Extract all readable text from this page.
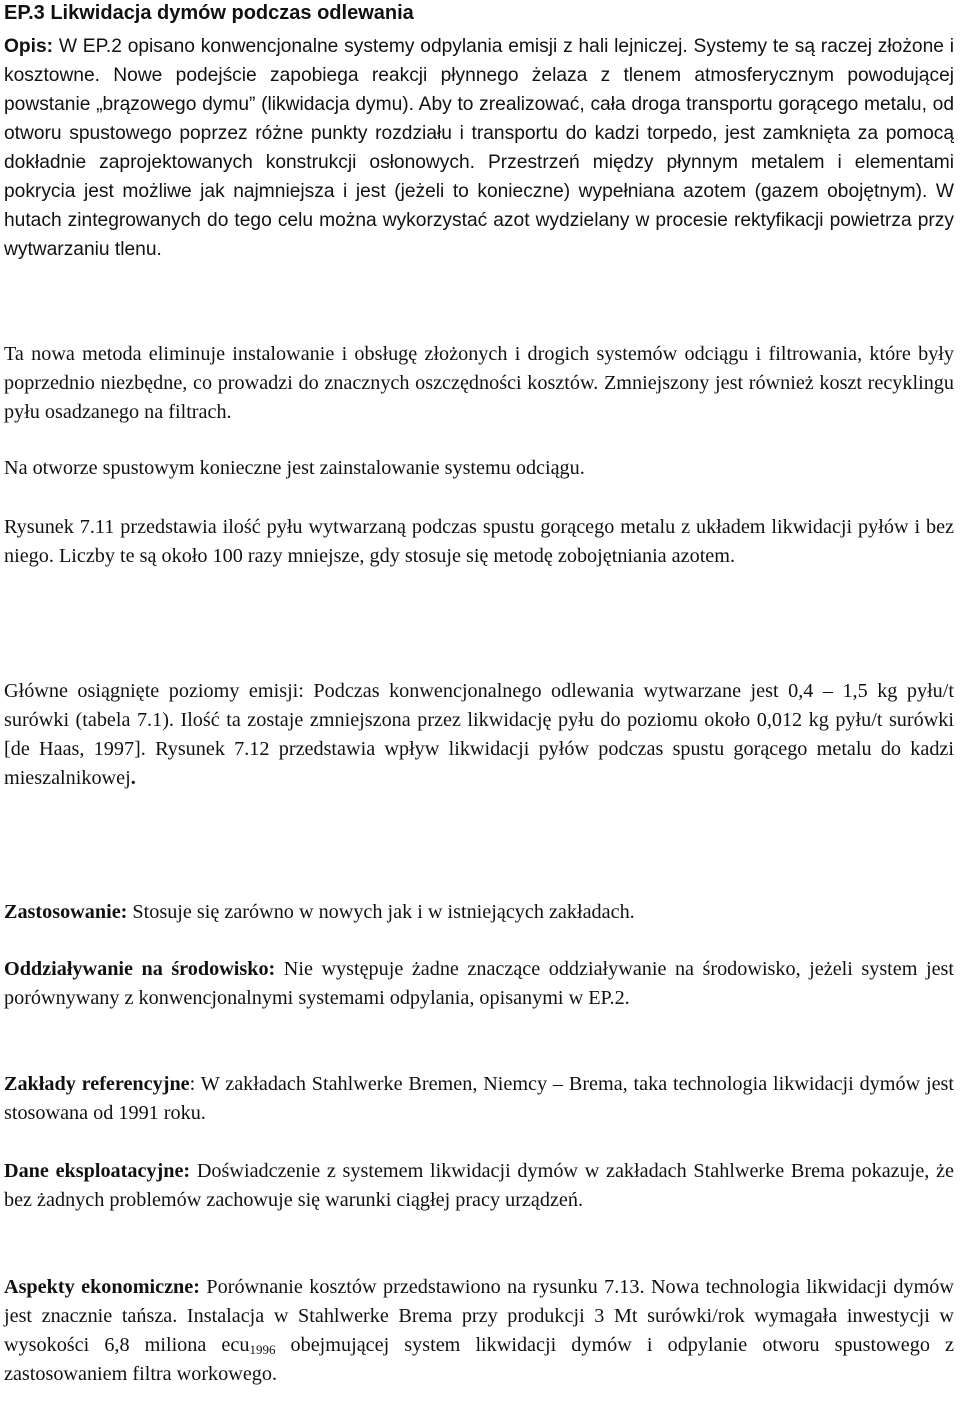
EP.3 Likwidacja dymów podczas odlewania

Opis: W EP.2 opisano konwencjonalne systemy odpylania emisji z hali lejniczej. Systemy te są raczej złożone i kosztowne. Nowe podejście zapobiega reakcji płynnego żelaza z tlenem atmosferycznym powodującej powstanie „brązowego dymu” (likwidacja dymu). Aby to zrealizować, cała droga transportu gorącego metalu, od otworu spustowego poprzez różne punkty rozdziału i transportu do kadzi torpedo, jest zamknięta za pomocą dokładnie zaprojektowanych konstrukcji osłonowych. Przestrzeń między płynnym metalem i elementami pokrycia jest możliwe jak najmniejsza i jest (jeżeli to konieczne) wypełniana azotem (gazem obojętnym). W hutach zintegrowanych do tego celu można wykorzystać azot wydzielany w procesie rektyfikacji powietrza przy wytwarzaniu tlenu.

Ta nowa metoda eliminuje instalowanie i obsługę złożonych i drogich systemów odciągu i filtrowania, które były poprzednio niezbędne, co prowadzi do znacznych oszczędności kosztów. Zmniejszony jest również koszt recyklingu pyłu osadzanego na filtrach.

Na otworze spustowym konieczne jest zainstalowanie systemu odciągu.

Rysunek 7.11 przedstawia ilość pyłu wytwarzaną podczas spustu gorącego metalu z układem likwidacji pyłów i bez niego. Liczby te są około 100 razy mniejsze, gdy stosuje się metodę zobojętniania azotem.

Główne osiągnięte poziomy emisji: Podczas konwencjonalnego odlewania wytwarzane jest 0,4 – 1,5 kg pyłu/t surówki (tabela 7.1). Ilość ta zostaje zmniejszona przez likwidację pyłu do poziomu około 0,012 kg pyłu/t surówki [de Haas, 1997]. Rysunek 7.12 przedstawia wpływ likwidacji pyłów podczas spustu gorącego metalu do kadzi mieszalnikowej.

Zastosowanie: Stosuje się zarówno w nowych jak i w istniejących zakładach.

Oddziaływanie na środowisko: Nie występuje żadne znaczące oddziaływanie na środowisko, jeżeli system jest porównywany z konwencjonalnymi systemami odpylania, opisanymi w EP.2.

Zakłady referencyjne: W zakładach Stahlwerke Bremen, Niemcy – Brema, taka technologia likwidacji dymów jest stosowana od 1991 roku.

Dane eksploatacyjne: Doświadczenie z systemem likwidacji dymów w zakładach Stahlwerke Brema pokazuje, że bez żadnych problemów zachowuje się warunki ciągłej pracy urządzeń.

Aspekty ekonomiczne: Porównanie kosztów przedstawiono na rysunku 7.13. Nowa technologia likwidacji dymów jest znacznie tańsza. Instalacja w Stahlwerke Brema przy produkcji 3 Mt surówki/rok wymagała inwestycji w wysokości 6,8 miliona ecu$_{1996}$ obejmującej system likwidacji dymów i odpylanie otworu spustowego z zastosowaniem filtra workowego.
